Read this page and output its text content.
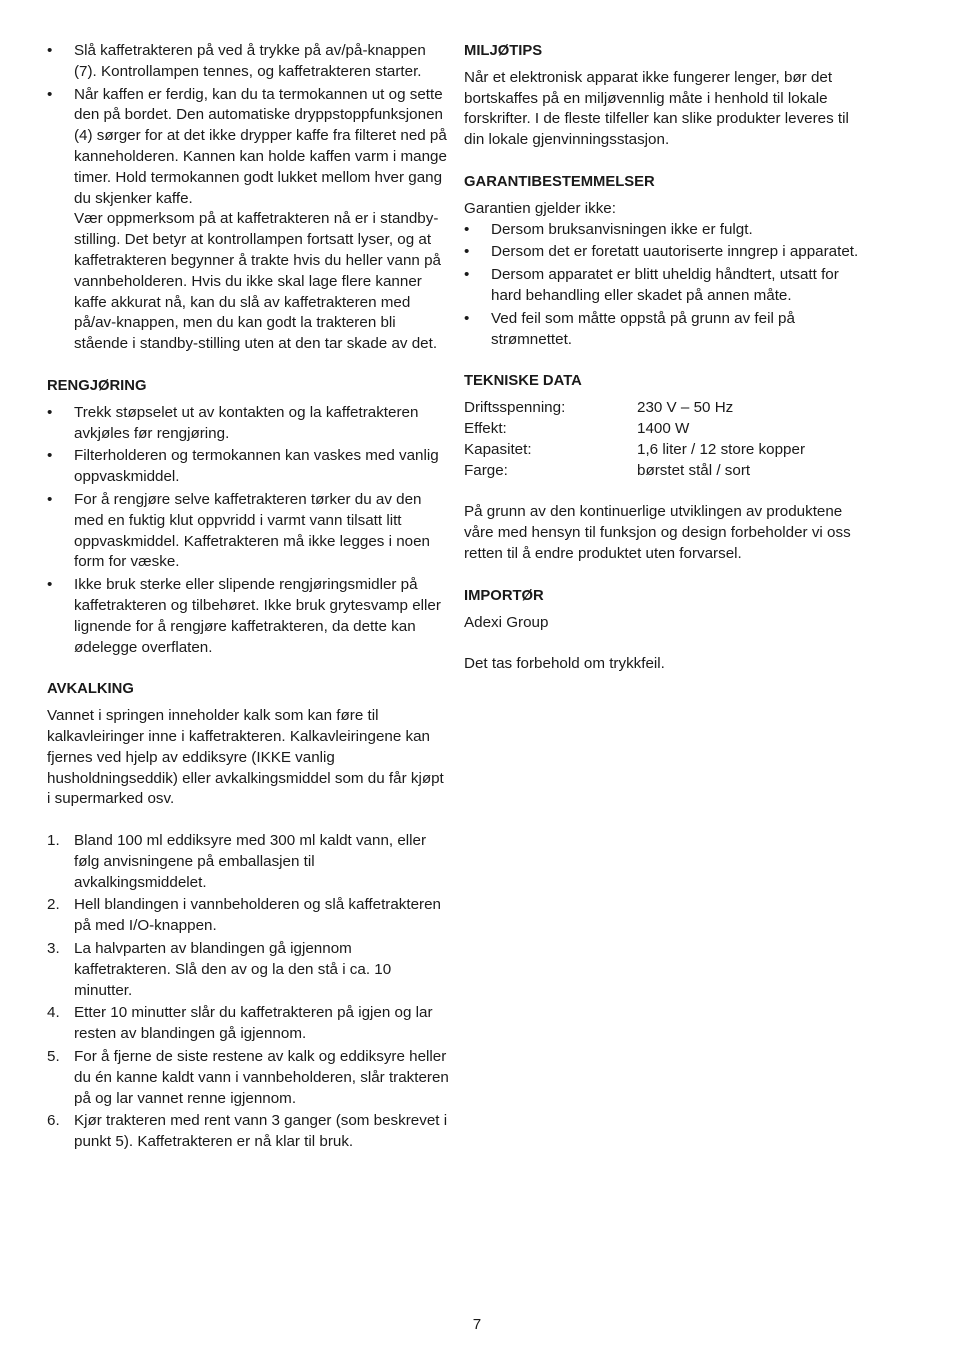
• Slå kaffetrakteren på ved å trykke på av/på-knappen (7). Kontrollampen tennes, og kaffetrakteren starter.
• Når kaffen er ferdig, kan du ta termokannen ut og sette den på bordet. Den automatiske dryppstoppfunksjonen (4) sørger for at det ikke drypper kaffe fra filteret ned på kanneholderen. Kannen kan holde kaffen varm i mange timer. Hold termokannen godt lukket mellom hver gang du skjenker kaffe.

Vær oppmerksom på at kaffetrakteren nå er i standby-stilling. Det betyr at kontrollampen fortsatt lyser, og at kaffetrakteren begynner å trakte hvis du heller vann på vannbeholderen. Hvis du ikke skal lage flere kanner kaffe akkurat nå, kan du slå av kaffetrakteren med på/av-knappen, men du kan godt la trakteren bli stående i standby-stilling uten at den tar skade av det.

RENGJØRING
• Trekk støpselet ut av kontakten og la kaffetrakteren avkjøles før rengjøring.
• Filterholderen og termokannen kan vaskes med vanlig oppvaskmiddel.
• For å rengjøre selve kaffetrakteren tørker du av den med en fuktig klut oppvridd i varmt vann tilsatt litt oppvaskmiddel. Kaffetrakteren må ikke legges i noen form for væske.
• Ikke bruk sterke eller slipende rengjøringsmidler på kaffetrakteren og tilbehøret. Ikke bruk grytesvamp eller lignende for å rengjøre kaffetrakteren, da dette kan ødelegge overflaten.
AVKALKING

Vannet i springen inneholder kalk som kan føre til kalkavleiringer inne i kaffetrakteren. Kalkavleiringene kan fjernes ved hjelp av eddiksyre (IKKE vanlig husholdningseddik) eller avkalkingsmiddel som du får kjøpt i supermarked osv.

1. Bland 100 ml eddiksyre med 300 ml kaldt vann, eller følg anvisningene på emballasjen til avkalkingsmiddelet.
2. Hell blandingen i vannbeholderen og slå kaffetrakteren på med I/O-knappen.
3. La halvparten av blandingen gå igjennom kaffetrakteren. Slå den av og la den stå i ca. 10 minutter.
4. Etter 10 minutter slår du kaffetrakteren på igjen og lar resten av blandingen gå igjennom.
5. For å fjerne de siste restene av kalk og eddiksyre heller du én kanne kaldt vann i vannbeholderen, slår trakteren på og lar vannet renne igjennom.
6. Kjør trakteren med rent vann 3 ganger (som beskrevet i punkt 5). Kaffetrakteren er nå klar til bruk.
MILJØTIPS

Når et elektronisk apparat ikke fungerer lenger, bør det bortskaffes på en miljøvennlig måte i henhold til lokale forskrifter. I de fleste tilfeller kan slike produkter leveres til din lokale gjenvinningsstasjon.

GARANTIBESTEMMELSER

Garantien gjelder ikke:

• Dersom bruksanvisningen ikke er fulgt.
• Dersom det er foretatt uautoriserte inngrep i apparatet.
• Dersom apparatet er blitt uheldig håndtert, utsatt for hard behandling eller skadet på annen måte.
• Ved feil som måtte oppstå på grunn av feil på strømnettet.
TEKNISKE DATA
Driftsspenning:	230 V – 50 Hz
Effekt:	1400 W
Kapasitet:	1,6 liter / 12 store kopper
Farge:	børstet stål / sort

På grunn av den kontinuerlige utviklingen av produktene våre med hensyn til funksjon og design forbeholder vi oss retten til å endre produktet uten forvarsel.

IMPORTØR

Adexi Group

Det tas forbehold om trykkfeil.

7
